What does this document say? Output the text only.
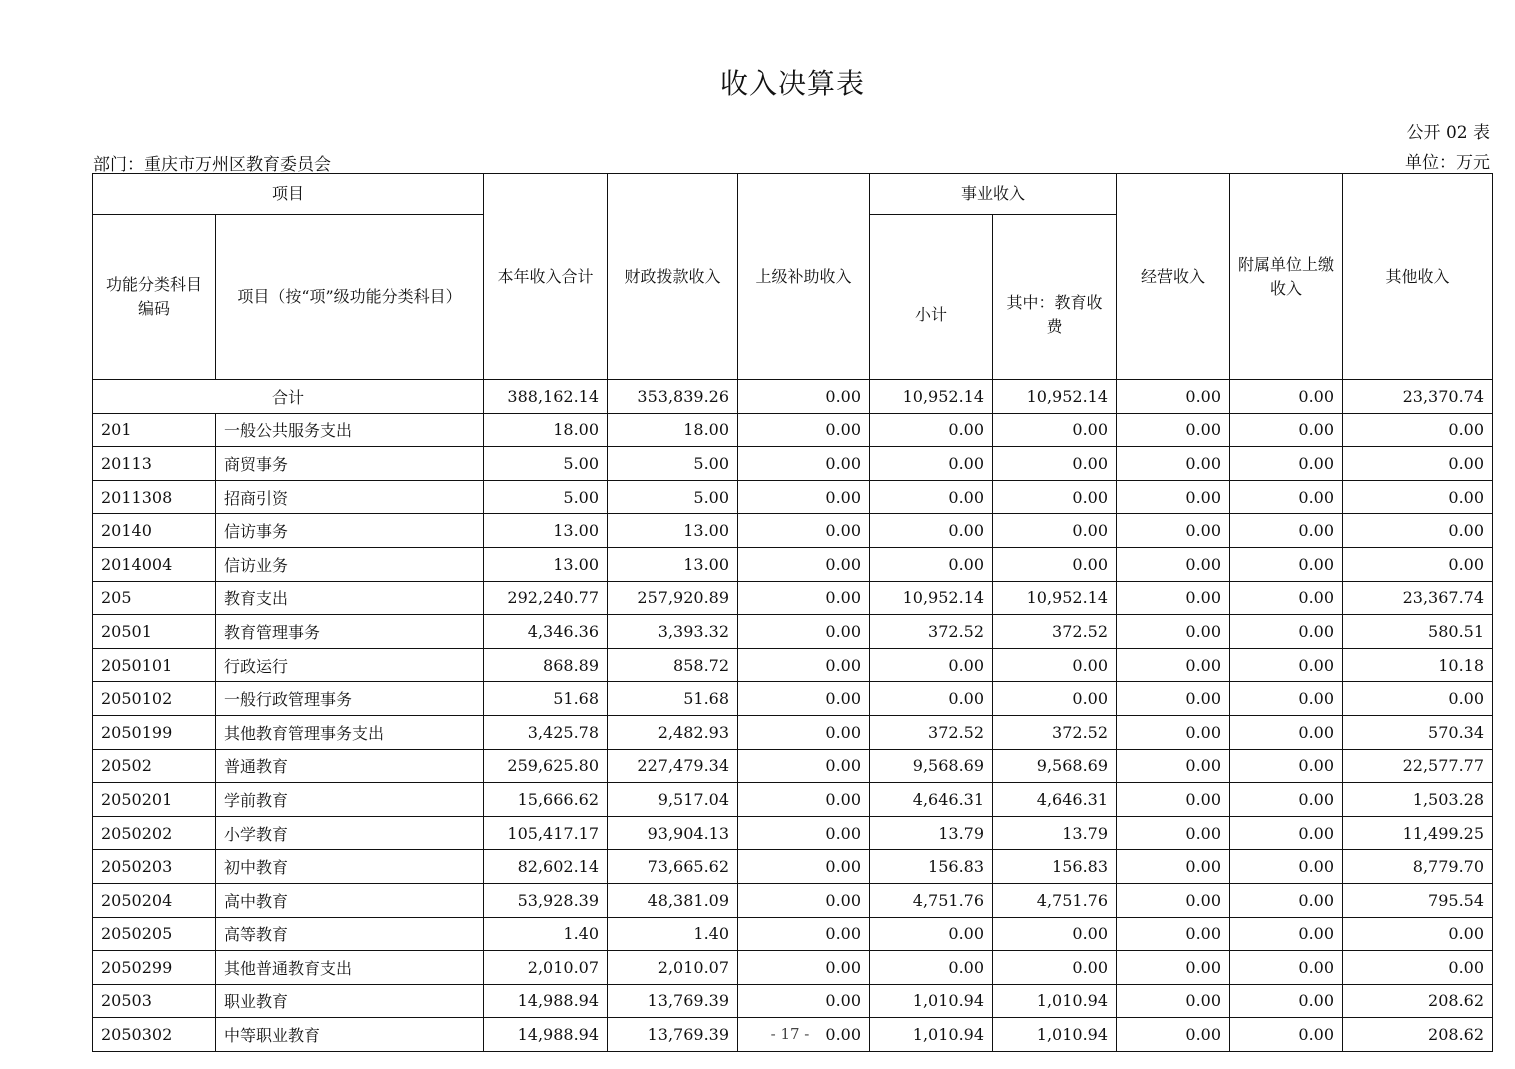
收入决算表
公开 02 表
部门：重庆市万州区教育委员会	单位：万元
项目		本年收入合计	财政拨款收入	上级补助收入	事业收入		经营收入	附属单位上缴收入	其他收入
功能分类科目编码	项目（按“项”级功能分类科目）				小计	其中：教育收费			
合计		388,162.14	353,839.26	0.00	10,952.14	10,952.14	0.00	0.00	23,370.74
201	一般公共服务支出	18.00	18.00	0.00	0.00	0.00	0.00	0.00	0.00
20113	商贸事务	5.00	5.00	0.00	0.00	0.00	0.00	0.00	0.00
2011308	招商引资	5.00	5.00	0.00	0.00	0.00	0.00	0.00	0.00
20140	信访事务	13.00	13.00	0.00	0.00	0.00	0.00	0.00	0.00
2014004	信访业务	13.00	13.00	0.00	0.00	0.00	0.00	0.00	0.00
205	教育支出	292,240.77	257,920.89	0.00	10,952.14	10,952.14	0.00	0.00	23,367.74
20501	教育管理事务	4,346.36	3,393.32	0.00	372.52	372.52	0.00	0.00	580.51
2050101	行政运行	868.89	858.72	0.00	0.00	0.00	0.00	0.00	10.18
2050102	一般行政管理事务	51.68	51.68	0.00	0.00	0.00	0.00	0.00	0.00
2050199	其他教育管理事务支出	3,425.78	2,482.93	0.00	372.52	372.52	0.00	0.00	570.34
20502	普通教育	259,625.80	227,479.34	0.00	9,568.69	9,568.69	0.00	0.00	22,577.77
2050201	学前教育	15,666.62	9,517.04	0.00	4,646.31	4,646.31	0.00	0.00	1,503.28
2050202	小学教育	105,417.17	93,904.13	0.00	13.79	13.79	0.00	0.00	11,499.25
2050203	初中教育	82,602.14	73,665.62	0.00	156.83	156.83	0.00	0.00	8,779.70
2050204	高中教育	53,928.39	48,381.09	0.00	4,751.76	4,751.76	0.00	0.00	795.54
2050205	高等教育	1.40	1.40	0.00	0.00	0.00	0.00	0.00	0.00
2050299	其他普通教育支出	2,010.07	2,010.07	0.00	0.00	0.00	0.00	0.00	0.00
20503	职业教育	14,988.94	13,769.39	0.00	1,010.94	1,010.94	0.00	0.00	208.62
2050302	中等职业教育	14,988.94	13,769.39	0.00	1,010.94	1,010.94	0.00	0.00	208.62
- 17 -
